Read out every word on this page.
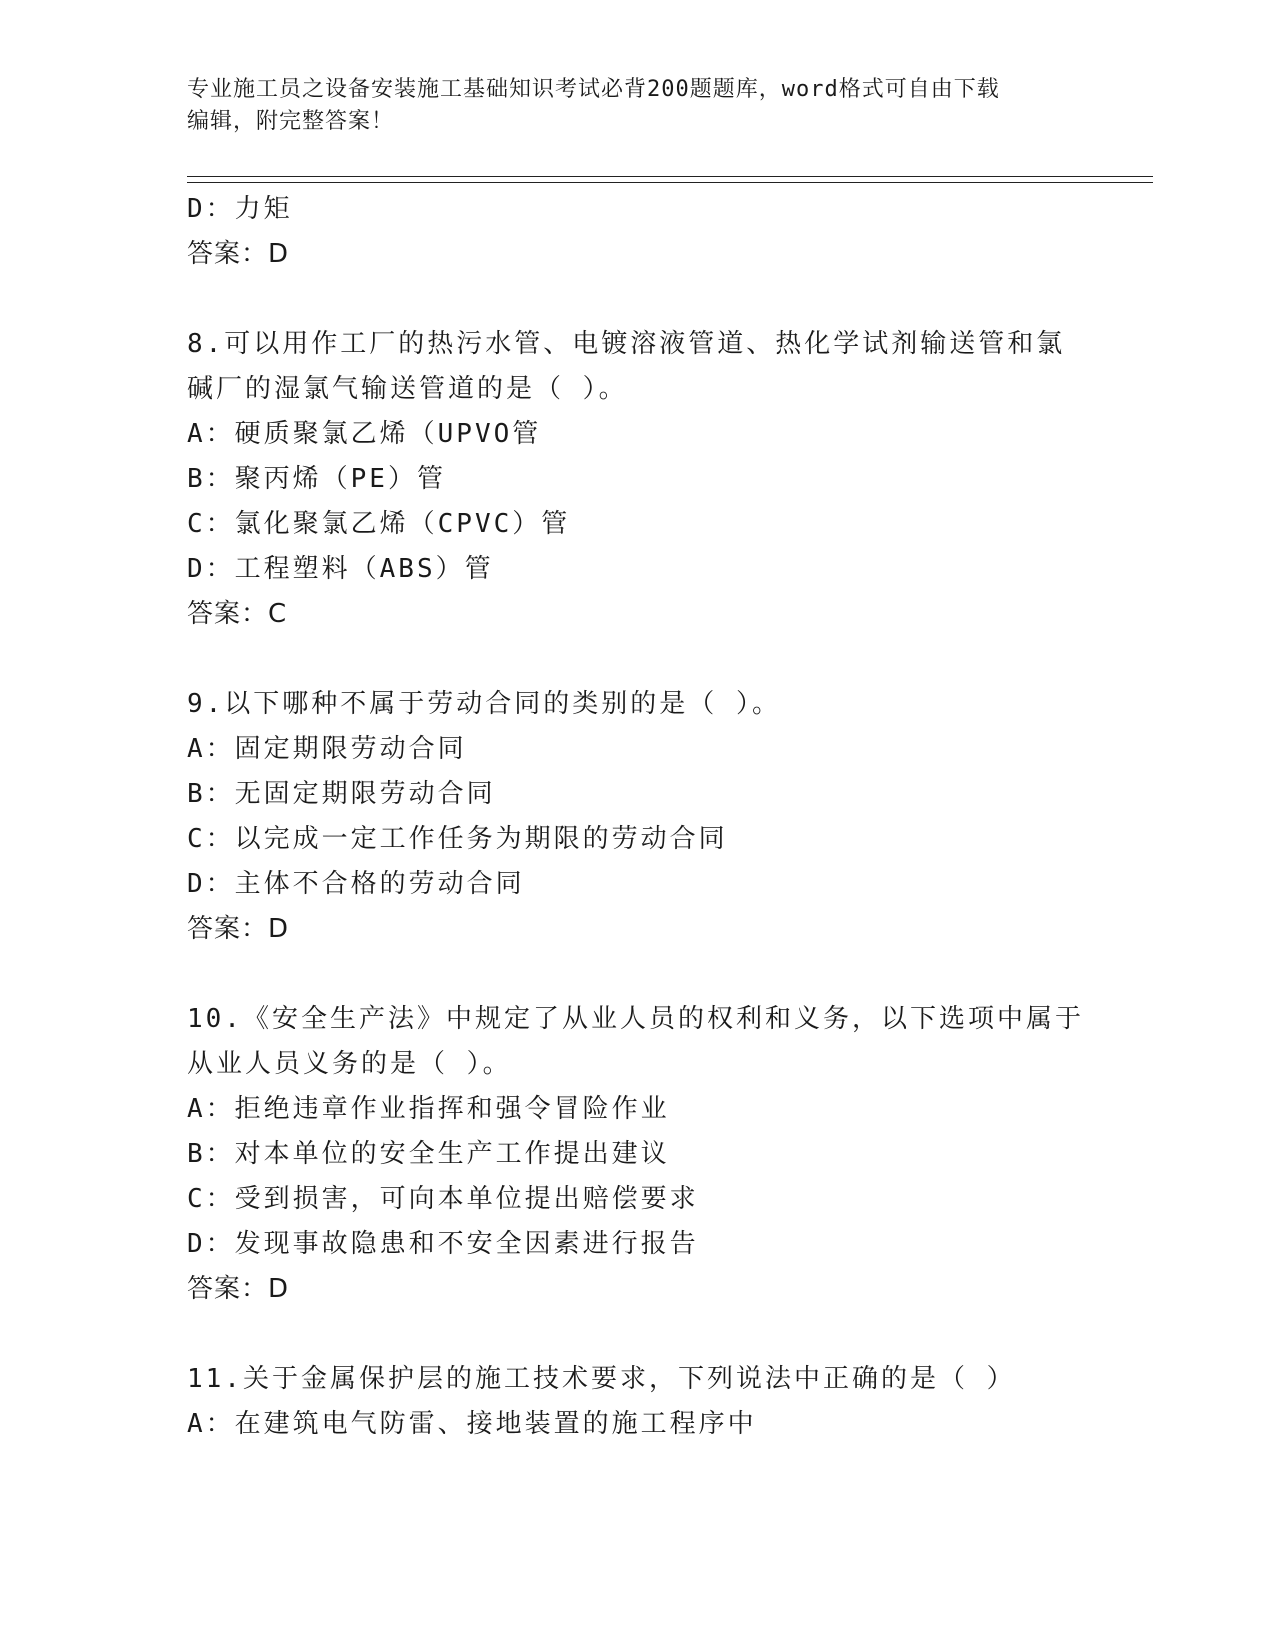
专业施工员之设备安装施工基础知识考试必背200题题库，word格式可自由下载
编辑，附完整答案！
D：力矩
答案：D
8.可以用作工厂的热污水管、电镀溶液管道、热化学试剂输送管和氯
碱厂的湿氯气输送管道的是（ ）。
A：硬质聚氯乙烯（UPVO管
B：聚丙烯（PE）管
C：氯化聚氯乙烯（CPVC）管
D：工程塑料（ABS）管
答案：C
9.以下哪种不属于劳动合同的类别的是（ ）。
A：固定期限劳动合同
B：无固定期限劳动合同
C：以完成一定工作任务为期限的劳动合同
D：主体不合格的劳动合同
答案：D
10.《安全生产法》中规定了从业人员的权利和义务，以下选项中属于
从业人员义务的是（ ）。
A：拒绝违章作业指挥和强令冒险作业
B：对本单位的安全生产工作提出建议
C：受到损害，可向本单位提出赔偿要求
D：发现事故隐患和不安全因素进行报告
答案：D
11.关于金属保护层的施工技术要求，下列说法中正确的是（ ）
A：在建筑电气防雷、接地装置的施工程序中
